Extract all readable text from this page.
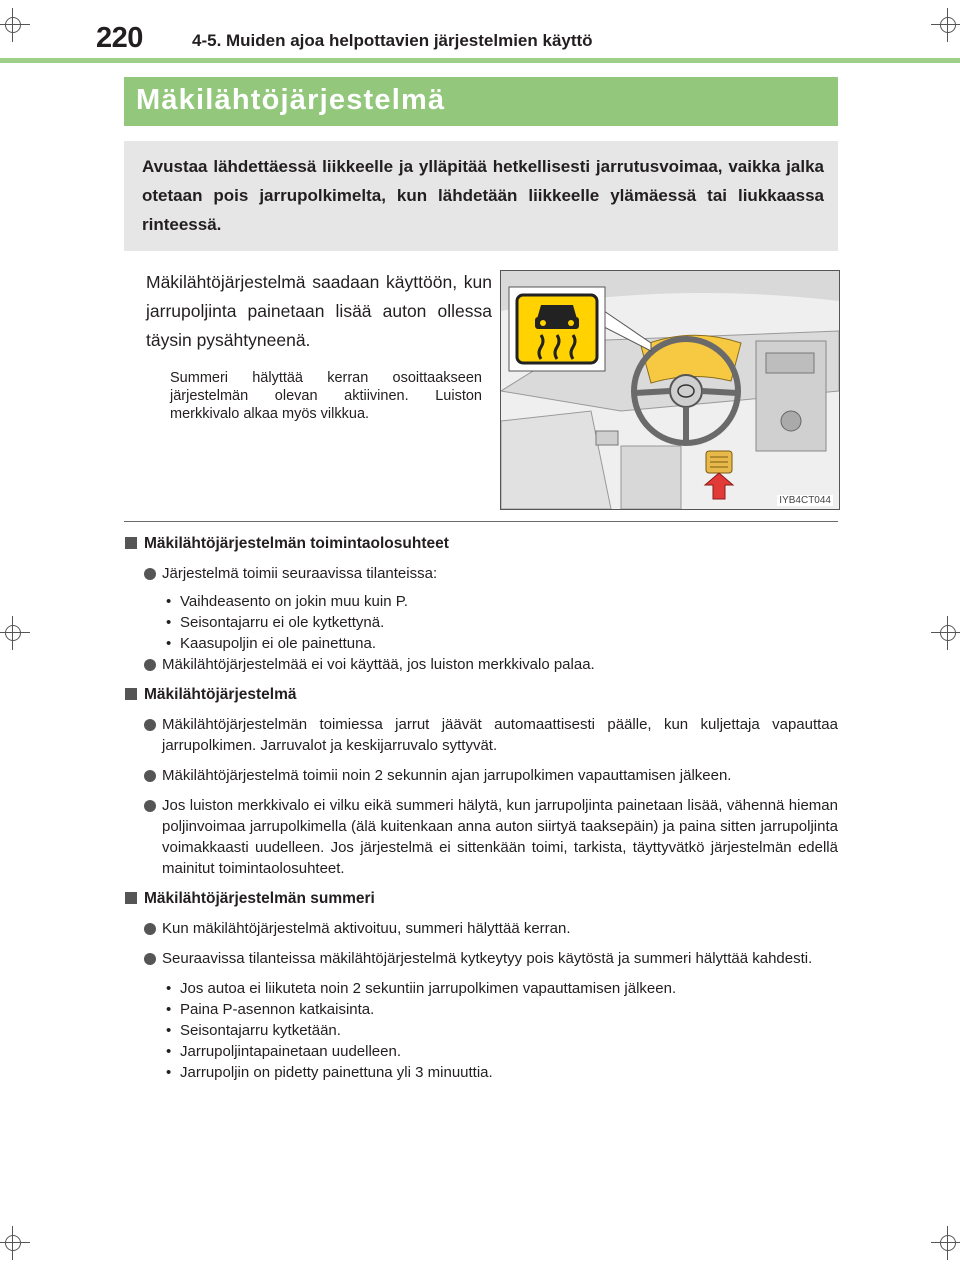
220	4-5. Muiden ajoa helpottavien järjestelmien käyttö
Mäkilähtöjärjestelmä

Avustaa lähdettäessä liikkeelle ja ylläpitää hetkellisesti jarrutusvoimaa, vaikka jalka otetaan pois jarrupolkimelta, kun lähdetään liikkeelle ylämäessä tai liukkaassa rinteessä.

Mäkilähtöjärjestelmä saadaan käyttöön, kun jarrupoljinta painetaan lisää auton ollessa täysin pysähtyneenä.

Summeri hälyttää kerran osoittaakseen järjestelmän olevan aktiivinen. Luiston merkkivalo alkaa myös vilkkua.

IYB4CT044
Mäkilähtöjärjestelmän toimintaolosuhteet
Järjestelmä toimii seuraavissa tilanteissa:
• Vaihdeasento on jokin muu kuin P.
• Seisontajarru ei ole kytkettynä.
• Kaasupoljin ei ole painettuna.
Mäkilähtöjärjestelmää ei voi käyttää, jos luiston merkkivalo palaa.
Mäkilähtöjärjestelmä
Mäkilähtöjärjestelmän toimiessa jarrut jäävät automaattisesti päälle, kun kuljettaja vapauttaa jarrupolkimen. Jarruvalot ja keskijarruvalo syttyvät.
Mäkilähtöjärjestelmä toimii noin 2 sekunnin ajan jarrupolkimen vapauttamisen jälkeen.
Jos luiston merkkivalo ei vilku eikä summeri hälytä, kun jarrupoljinta painetaan lisää, vähennä hieman poljinvoimaa jarrupolkimella (älä kuitenkaan anna auton siirtyä taaksepäin) ja paina sitten jarrupoljinta voimakkaasti uudelleen. Jos järjestelmä ei sittenkään toimi, tarkista, täyttyvätkö järjestelmän edellä mainitut toimintaolosuhteet.
Mäkilähtöjärjestelmän summeri
Kun mäkilähtöjärjestelmä aktivoituu, summeri hälyttää kerran.
Seuraavissa tilanteissa mäkilähtöjärjestelmä kytkeytyy pois käytöstä ja summeri hälyttää kahdesti.
• Jos autoa ei liikuteta noin 2 sekuntiin jarrupolkimen vapauttamisen jälkeen.
• Paina P-asennon katkaisinta.
• Seisontajarru kytketään.
• Jarrupoljintapainetaan uudelleen.
• Jarrupoljin on pidetty painettuna yli 3 minuuttia.
